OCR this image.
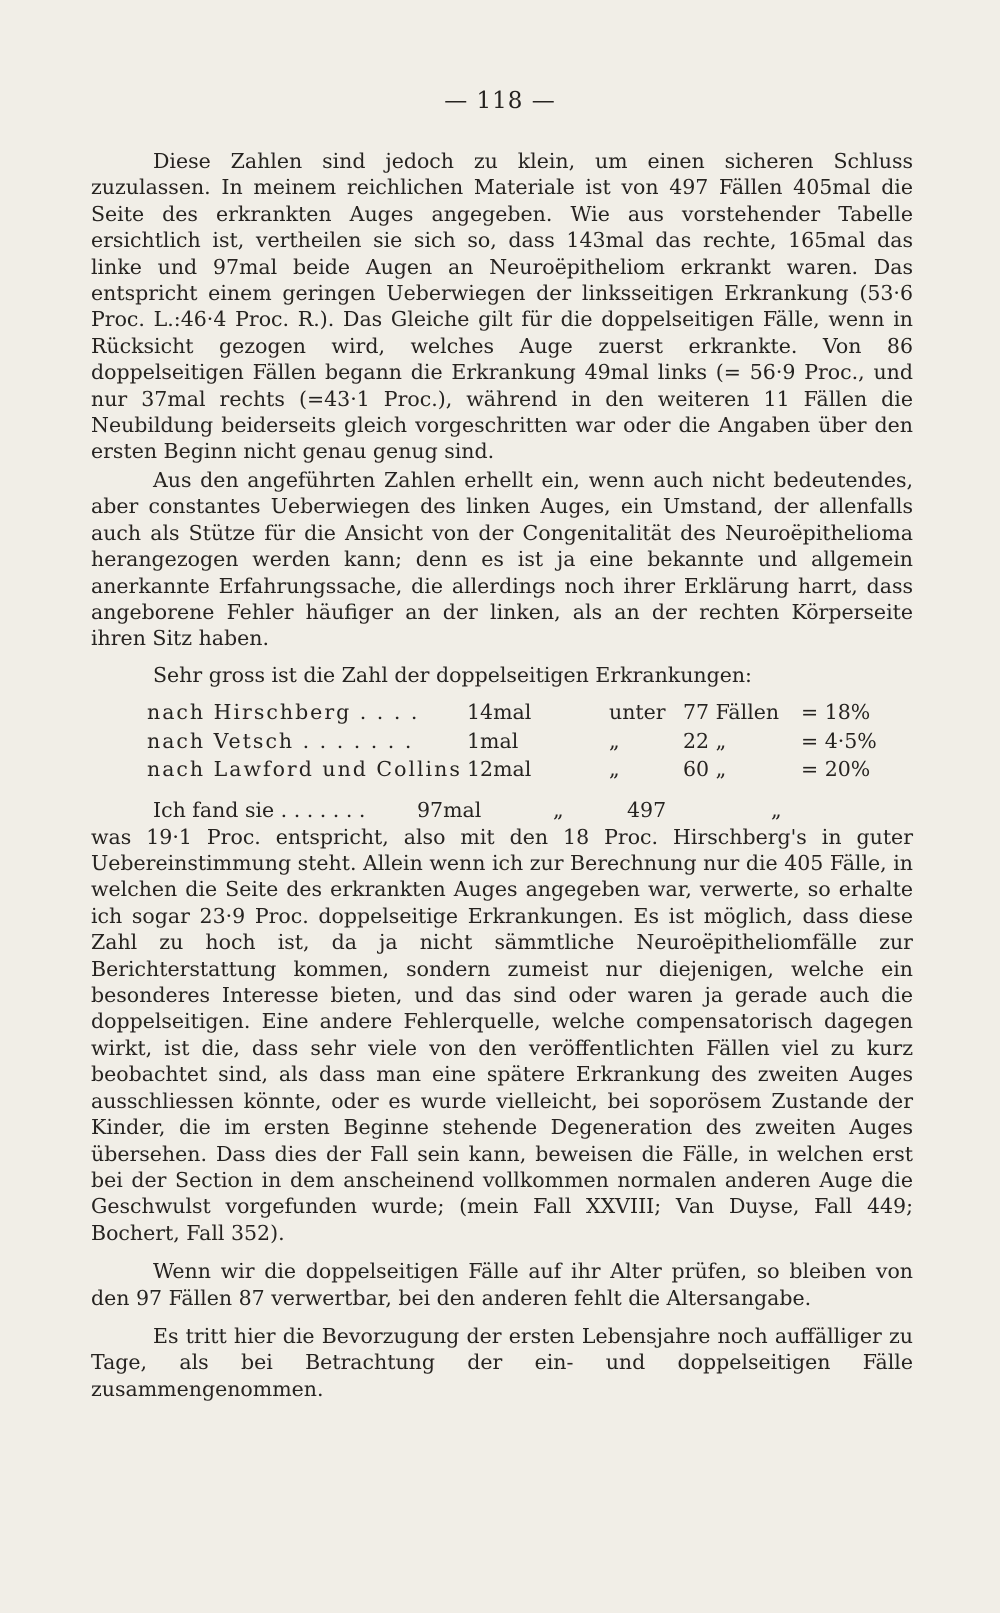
— 118 —

Diese Zahlen sind jedoch zu klein, um einen sicheren Schluss zuzulassen. In meinem reichlichen Materiale ist von 497 Fällen 405mal die Seite des erkrankten Auges angegeben. Wie aus vorstehender Tabelle ersichtlich ist, vertheilen sie sich so, dass 143mal das rechte, 165mal das linke und 97mal beide Augen an Neuroëpitheliom erkrankt waren. Das entspricht einem geringen Ueberwiegen der linksseitigen Erkrankung (53·6 Proc. L.:46·4 Proc. R.). Das Gleiche gilt für die doppelseitigen Fälle, wenn in Rücksicht gezogen wird, welches Auge zuerst erkrankte. Von 86 doppelseitigen Fällen begann die Erkrankung 49mal links (= 56·9 Proc., und nur 37mal rechts (=43·1 Proc.), während in den weiteren 11 Fällen die Neubildung beiderseits gleich vorgeschritten war oder die Angaben über den ersten Beginn nicht genau genug sind.

Aus den angeführten Zahlen erhellt ein, wenn auch nicht bedeutendes, aber constantes Ueberwiegen des linken Auges, ein Umstand, der allenfalls auch als Stütze für die Ansicht von der Congenitalität des Neuroëpithelioma herangezogen werden kann; denn es ist ja eine bekannte und allgemein anerkannte Erfahrungssache, die allerdings noch ihrer Erklärung harrt, dass angeborene Fehler häufiger an der linken, als an der rechten Körperseite ihren Sitz haben.

Sehr gross ist die Zahl der doppelseitigen Erkrankungen:

nach Hirschberg . . . . 14mal	unter 77 Fällen = 18%
nach Vetsch . . . . . . .	1mal	„	22 „	= 4·5%
nach Lawford und Collins 12mal	„	60 „	= 20%
Ich fand sie . . . . . . .	97mal	„	497	„

was 19·1 Proc. entspricht, also mit den 18 Proc. Hirschberg's in guter Uebereinstimmung steht. Allein wenn ich zur Berechnung nur die 405 Fälle, in welchen die Seite des erkrankten Auges angegeben war, verwerte, so erhalte ich sogar 23·9 Proc. doppelseitige Erkrankungen. Es ist möglich, dass diese Zahl zu hoch ist, da ja nicht sämmtliche Neuroëpitheliomfälle zur Berichterstattung kommen, sondern zumeist nur diejenigen, welche ein besonderes Interesse bieten, und das sind oder waren ja gerade auch die doppelseitigen. Eine andere Fehlerquelle, welche compensatorisch dagegen wirkt, ist die, dass sehr viele von den veröffentlichten Fällen viel zu kurz beobachtet sind, als dass man eine spätere Erkrankung des zweiten Auges ausschliessen könnte, oder es wurde vielleicht, bei soporösem Zustande der Kinder, die im ersten Beginne stehende Degeneration des zweiten Auges übersehen. Dass dies der Fall sein kann, beweisen die Fälle, in welchen erst bei der Section in dem anscheinend vollkommen normalen anderen Auge die Geschwulst vorgefunden wurde; (mein Fall XXVIII; Van Duyse, Fall 449; Bochert, Fall 352).

Wenn wir die doppelseitigen Fälle auf ihr Alter prüfen, so bleiben von den 97 Fällen 87 verwertbar, bei den anderen fehlt die Altersangabe.

Es tritt hier die Bevorzugung der ersten Lebensjahre noch auffälliger zu Tage, als bei Betrachtung der ein- und doppelseitigen Fälle zusammengenommen.
